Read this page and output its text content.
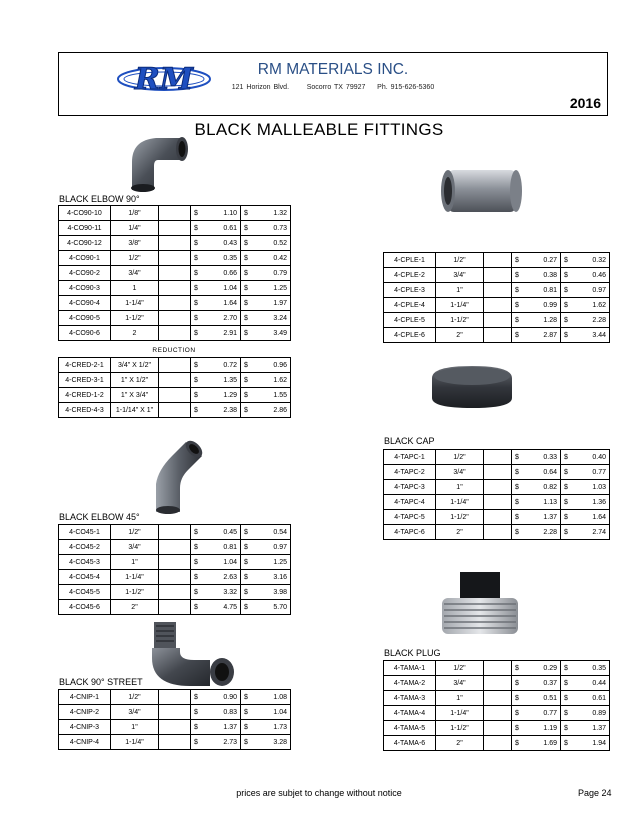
RM	RM MATERIALS INC.
121 Horizon Blvd.	Socorro TX 79927 Ph. 915-626-5360
2016
BLACK MALLEABLE FITTINGS
BLACK ELBOW 90°
4-CO90-10	1/8"		$	1.10	$	1.32
4-CO90-11	1/4"		$	0.61	$	0.73
4-CO90-12	3/8"		$	0.43	$	0.52
4-CO90-1	1/2"		$	0.35	$	0.42
4-CO90-2	3/4"		$	0.66	$	0.79
4-CO90-3	1		$	1.04	$	1.25
4-CO90-4	1-1/4"		$	1.64	$	1.97
4-CO90-5	1-1/2"		$	2.70	$	3.24
4-CO90-6	2		$	2.91	$	3.49
REDUCTION
4-CRED-2-1	3/4" X 1/2"		$	0.72	$	0.96
4-CRED-3-1	1" X 1/2"		$	1.35	$	1.62
4-CRED-1-2	1" X 3/4"		$	1.29	$	1.55
4-CRED-4-3	1-1/14" X 1"		$	2.38	$	2.86
4-CPLE-1	1/2"		$	0.27	$	0.32
4-CPLE-2	3/4"		$	0.38	$	0.46
4-CPLE-3	1"		$	0.81	$	0.97
4-CPLE-4	1-1/4"		$	0.99	$	1.62
4-CPLE-5	1-1/2"		$	1.28	$	2.28
4-CPLE-6	2"		$	2.87	$	3.44
BLACK CAP
4-TAPC-1	1/2"		$	0.33	$	0.40
4-TAPC-2	3/4"		$	0.64	$	0.77
4-TAPC-3	1"		$	0.82	$	1.03
4-TAPC-4	1-1/4"		$	1.13	$	1.36
4-TAPC-5	1-1/2"		$	1.37	$	1.64
4-TAPC-6	2"		$	2.28	$	2.74
BLACK ELBOW 45°
4-CO45-1	1/2"		$	0.45	$	0.54
4-CO45-2	3/4"		$	0.81	$	0.97
4-CO45-3	1"		$	1.04	$	1.25
4-CO45-4	1-1/4"		$	2.63	$	3.16
4-CO45-5	1-1/2"		$	3.32	$	3.98
4-CO45-6	2"		$	4.75	$	5.70
BLACK PLUG
4-TAMA-1	1/2"		$	0.29	$	0.35
4-TAMA-2	3/4"		$	0.37	$	0.44
4-TAMA-3	1"		$	0.51	$	0.61
4-TAMA-4	1-1/4"		$	0.77	$	0.89
4-TAMA-5	1-1/2"		$	1.19	$	1.37
4-TAMA-6	2"		$	1.69	$	1.94
BLACK 90° STREET
4-CNIP-1	1/2"		$	0.90	$	1.08
4-CNIP-2	3/4"		$	0.83	$	1.04
4-CNIP-3	1"		$	1.37	$	1.73
4-CNIP-4	1-1/4"		$	2.73	$	3.28
prices are subjet to change without notice	Page 24
